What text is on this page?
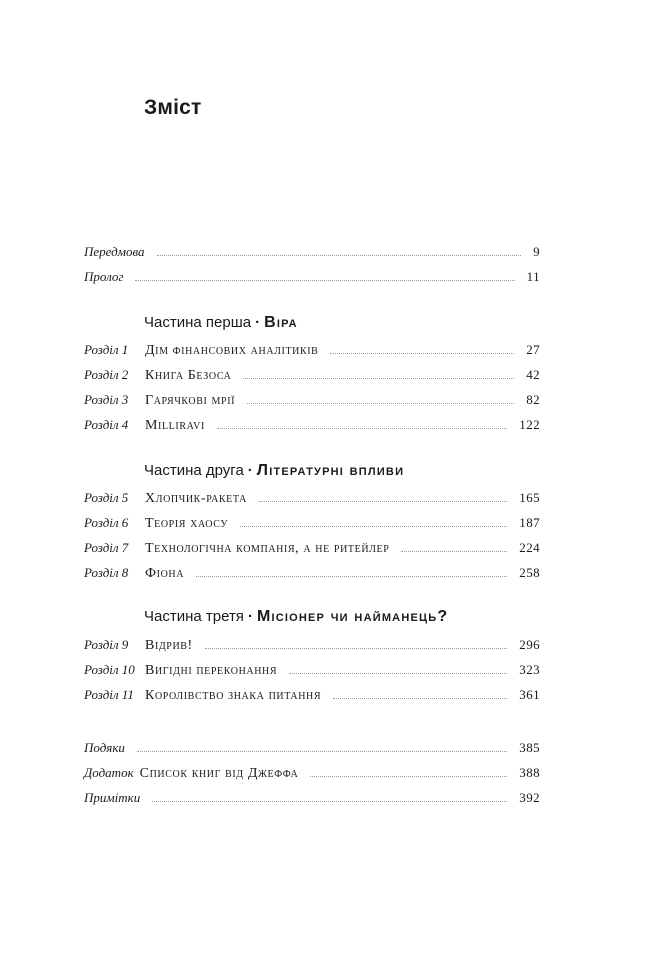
Зміст
Передмова	9
Пролог	11
Частина перша · Віра
Розділ 1	Дім фінансових аналітиків	27
Розділ 2	Книга Безоса	42
Розділ 3	Гарячкові мрії	82
Розділ 4	Milliravi	122
Частина друга · Літературні впливи
Розділ 5	Хлопчик-ракета	165
Розділ 6	Теорія хаосу	187
Розділ 7	Технологічна компанія, а не ритейлер	224
Розділ 8	Фіона	258
Частина третя · Місіонер чи найманець?
Розділ 9	Відрив!	296
Розділ 10 Вигідні переконання	323
Розділ 11 Королівство знака питання	361
Подяки	385
Додаток Список книг від Джеффа	388
Примітки	392
